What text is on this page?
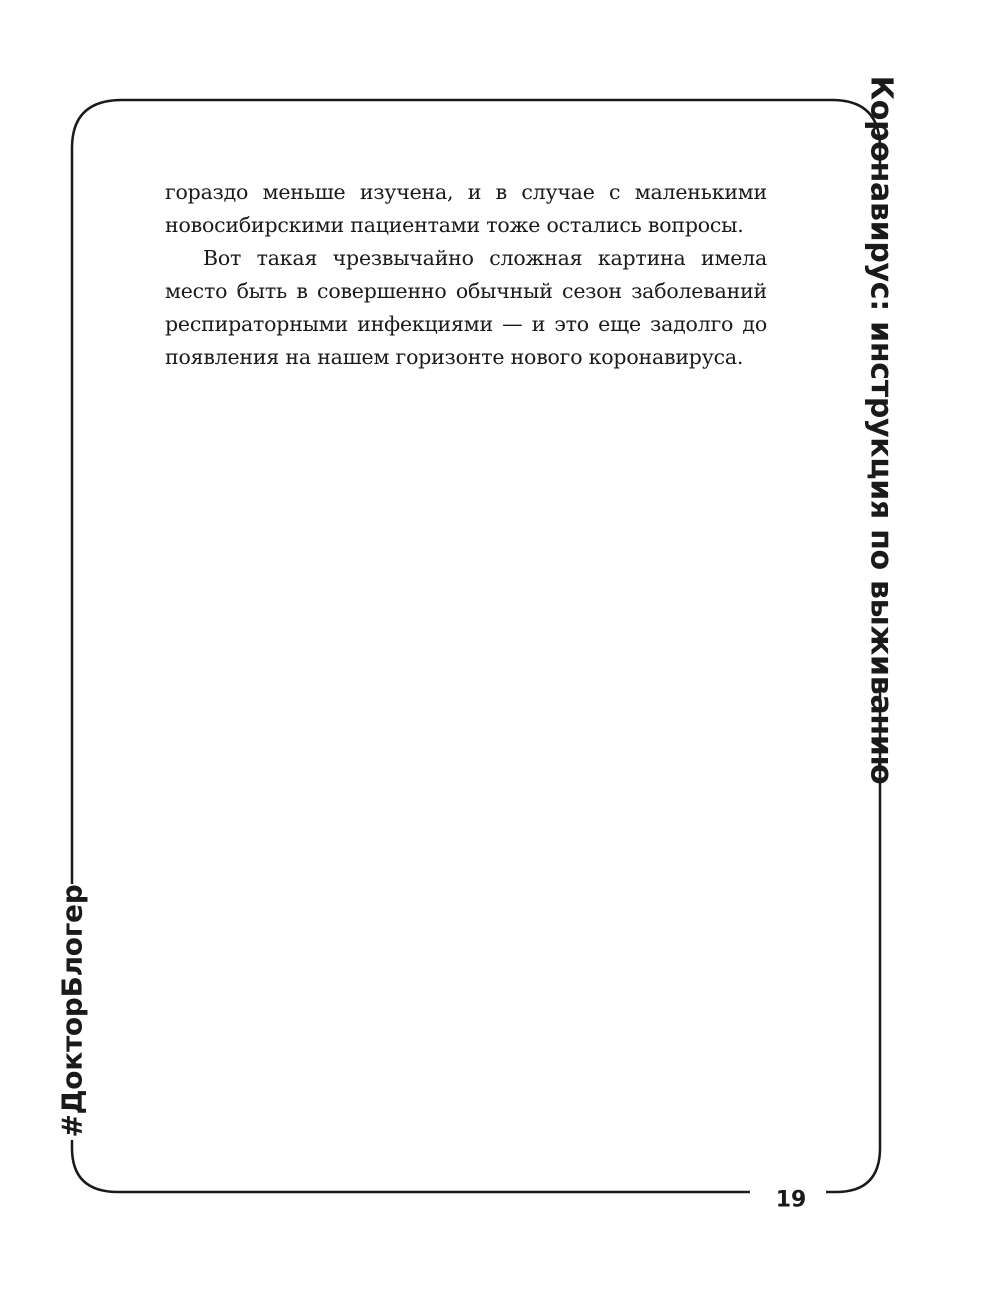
гораздо меньше изучена, и в случае с маленькими новосибирскими пациентами тоже остались вопросы.

Вот такая чрезвычайно сложная картина имела место быть в совершенно обычный сезон заболеваний респираторными инфекциями — и это еще задолго до появления на нашем горизонте нового коронавируса.	Коронавирус: инструкция по выживанию
#ДокторБлогер
19
